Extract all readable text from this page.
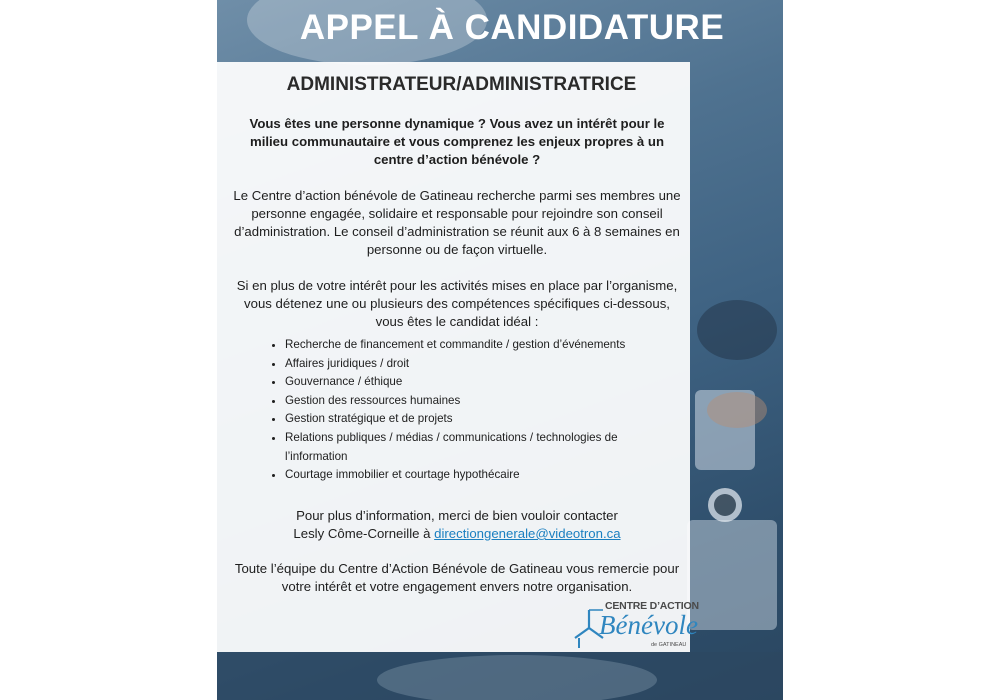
APPEL À CANDIDATURE
ADMINISTRATEUR/ADMINISTRATRICE
Vous êtes une personne dynamique ? Vous avez un intérêt pour le milieu communautaire et vous comprenez les enjeux propres à un centre d’action bénévole ?
Le Centre d’action bénévole de Gatineau recherche parmi ses membres une personne engagée, solidaire et responsable pour rejoindre son conseil d’administration. Le conseil d’administration se réunit aux 6 à 8 semaines en personne ou de façon virtuelle.
Si en plus de votre intérêt pour les activités mises en place par l’organisme, vous détenez une ou plusieurs des compétences spécifiques ci-dessous, vous êtes le candidat idéal :
• Recherche de financement et commandite / gestion d’événements
• Affaires juridiques / droit
• Gouvernance / éthique
• Gestion des ressources humaines
• Gestion stratégique et de projets
• Relations publiques / médias / communications / technologies de l’information
• Courtage immobilier et courtage hypothécaire
Pour plus d’information, merci de bien vouloir contacter
Lesly Côme-Corneille à directiongenerale@videotron.ca
Toute l’équipe du Centre d’Action Bénévole de Gatineau vous remercie pour votre intérêt et votre engagement envers notre organisation.
CENTRE D’ACTION
Bénévole
de GATINEAU
